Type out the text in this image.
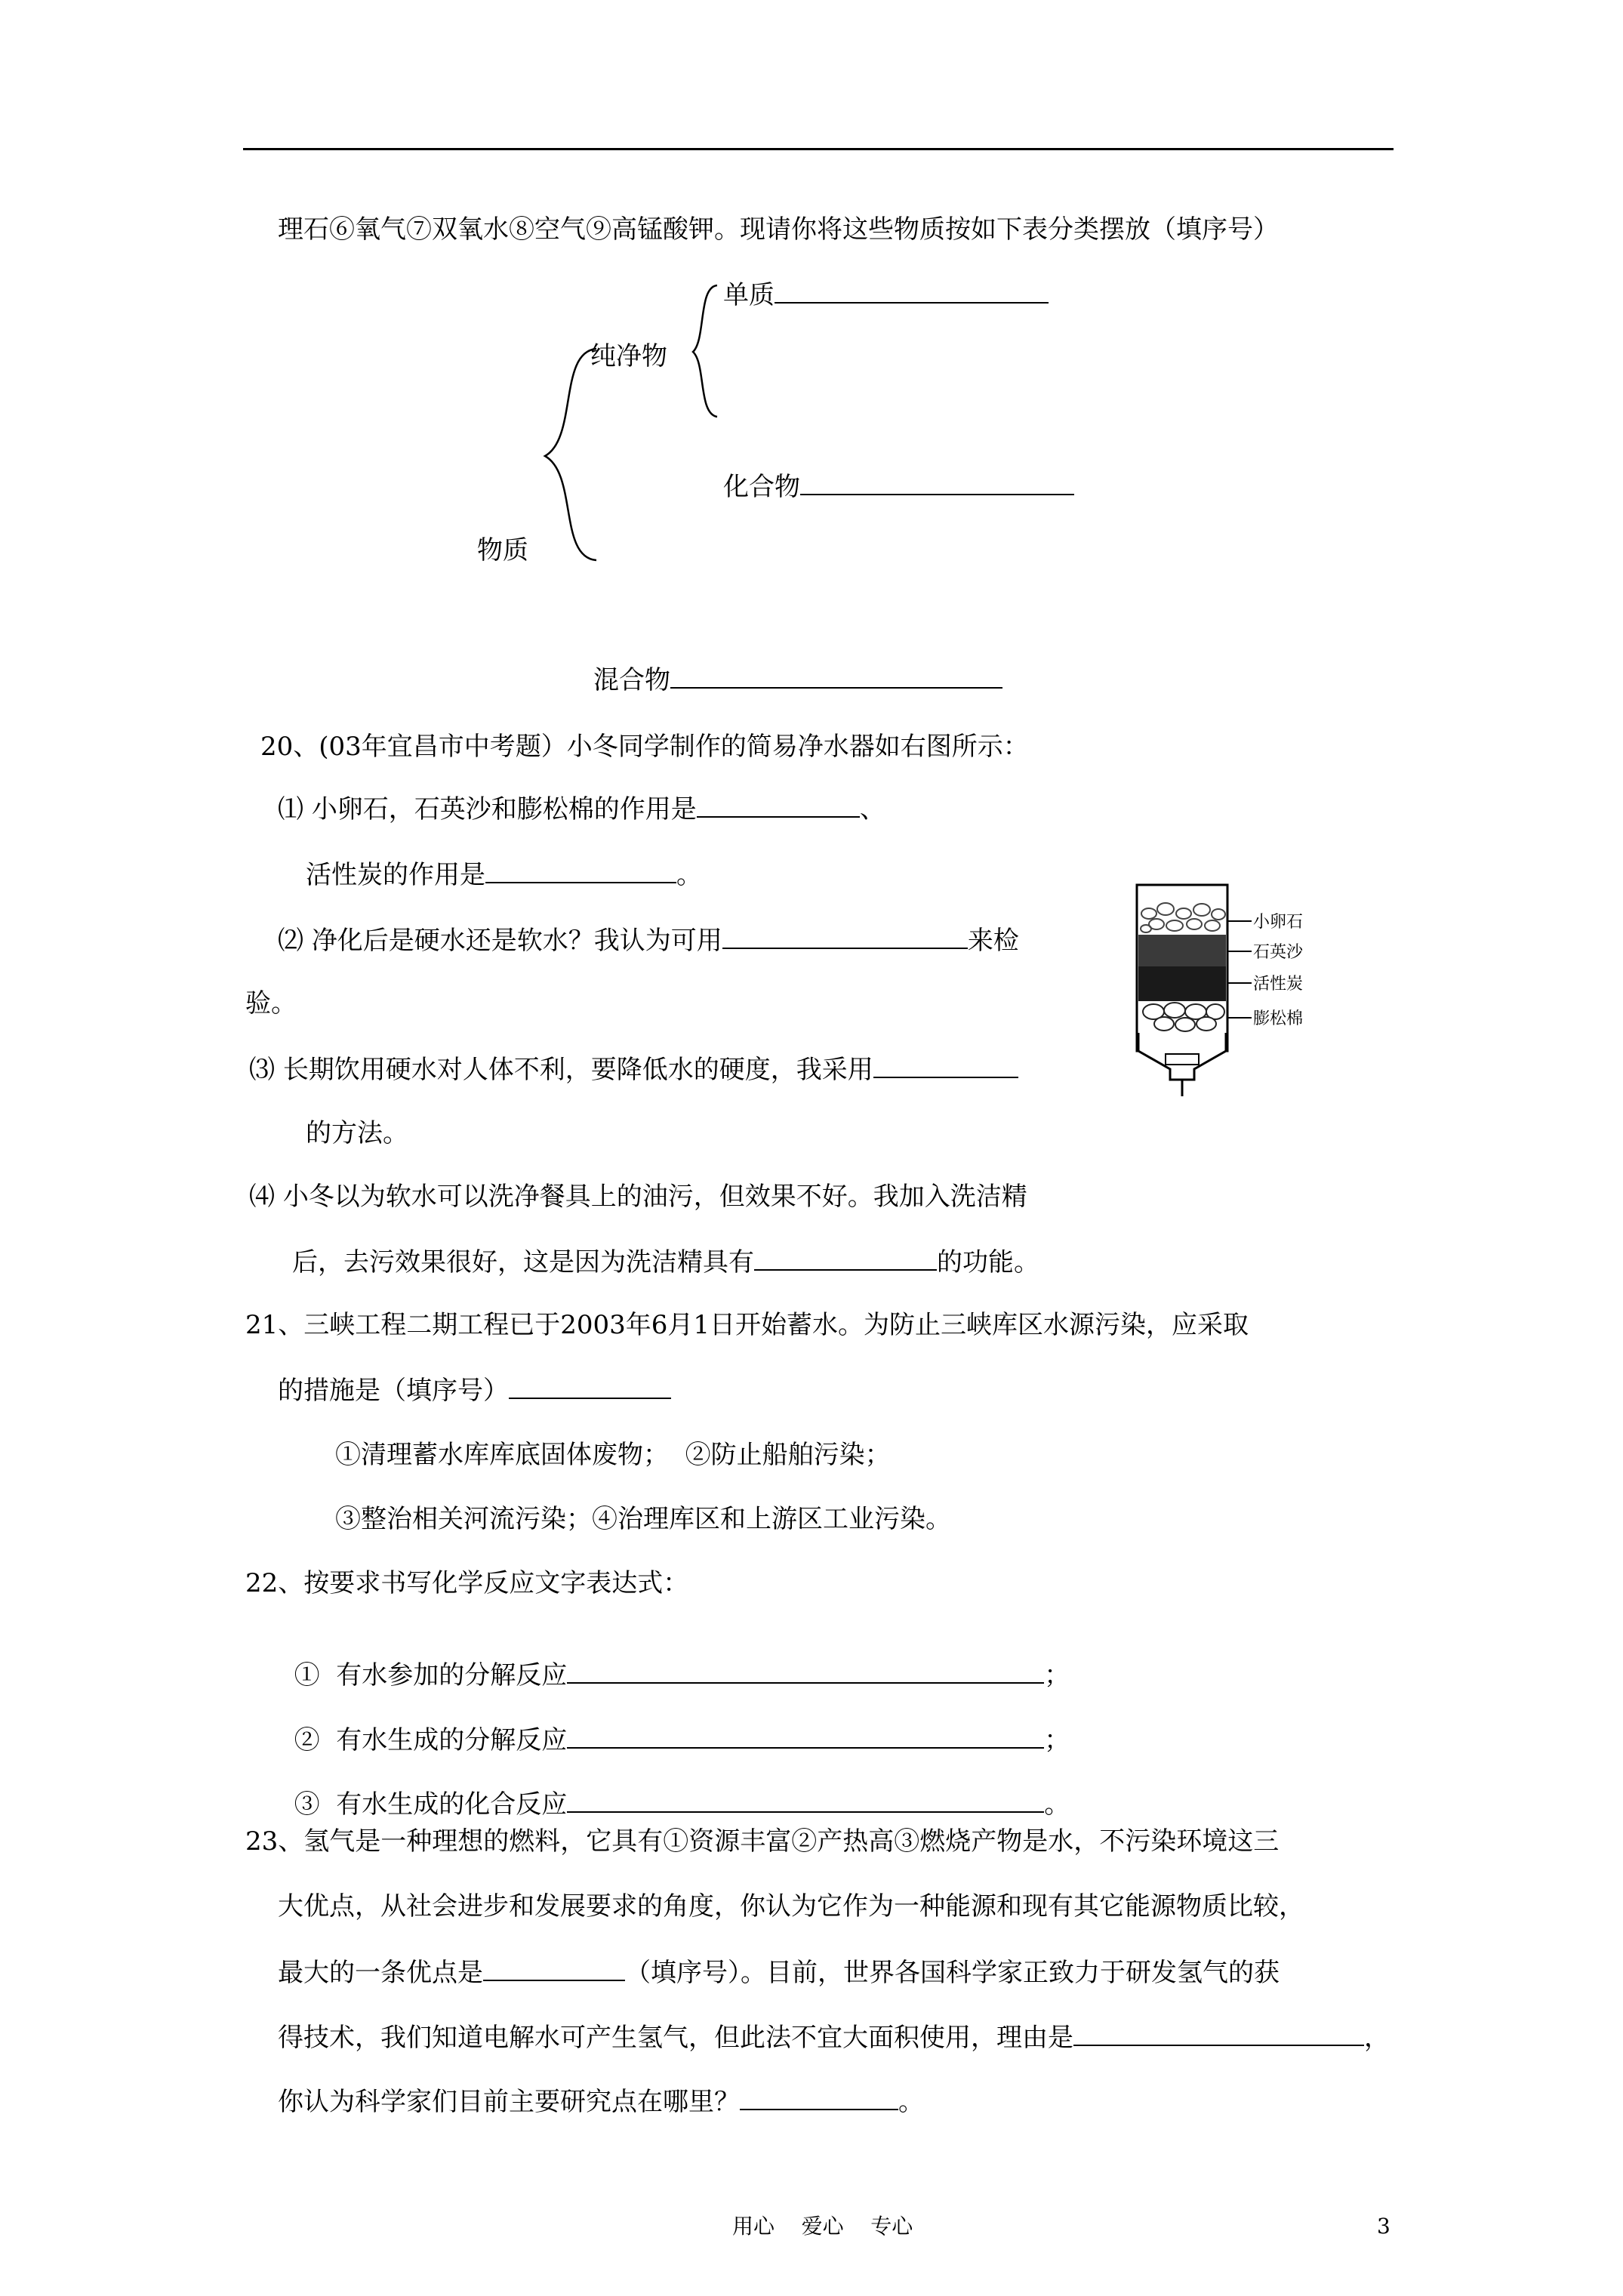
理石⑥氧气⑦双氧水⑧空气⑨高锰酸钾。现请你将这些物质按如下表分类摆放（填序号）
单质
纯净物
化合物
物质
混合物
20、(03年宜昌市中考题）小冬同学制作的简易净水器如右图所示：
⑴ 小卵石，石英沙和膨松棉的作用是	、
活性炭的作用是	。
⑵ 净化后是硬水还是软水？我认为可用	来检
验。
⑶ 长期饮用硬水对人体不利，要降低水的硬度，我采用
的方法。
⑷ 小冬以为软水可以洗净餐具上的油污，但效果不好。我加入洗洁精
后，去污效果很好，这是因为洗洁精具有	的功能。
小卵石
石英沙
活性炭
膨松棉
21、三峡工程二期工程已于2003年6月1日开始蓄水。为防止三峡库区水源污染，应采取
的措施是（填序号）
①清理蓄水库库底固体废物；  ②防止船舶污染；
③整治相关河流污染；④治理库区和上游区工业污染。
22、按要求书写化学反应文字表达式：

①  有水参加的分解反应	；

②  有水生成的分解反应	；

③  有水生成的化合反应	。

23、氢气是一种理想的燃料，它具有①资源丰富②产热高③燃烧产物是水，不污染环境这三
大优点，从社会进步和发展要求的角度，你认为它作为一种能源和现有其它能源物质比较，
最大的一条优点是	（填序号）。目前，世界各国科学家正致力于研发氢气的获
得技术，我们知道电解水可产生氢气，但此法不宜大面积使用，理由是	，
你认为科学家们目前主要研究点在哪里？	。
用心    爱心    专心	3
